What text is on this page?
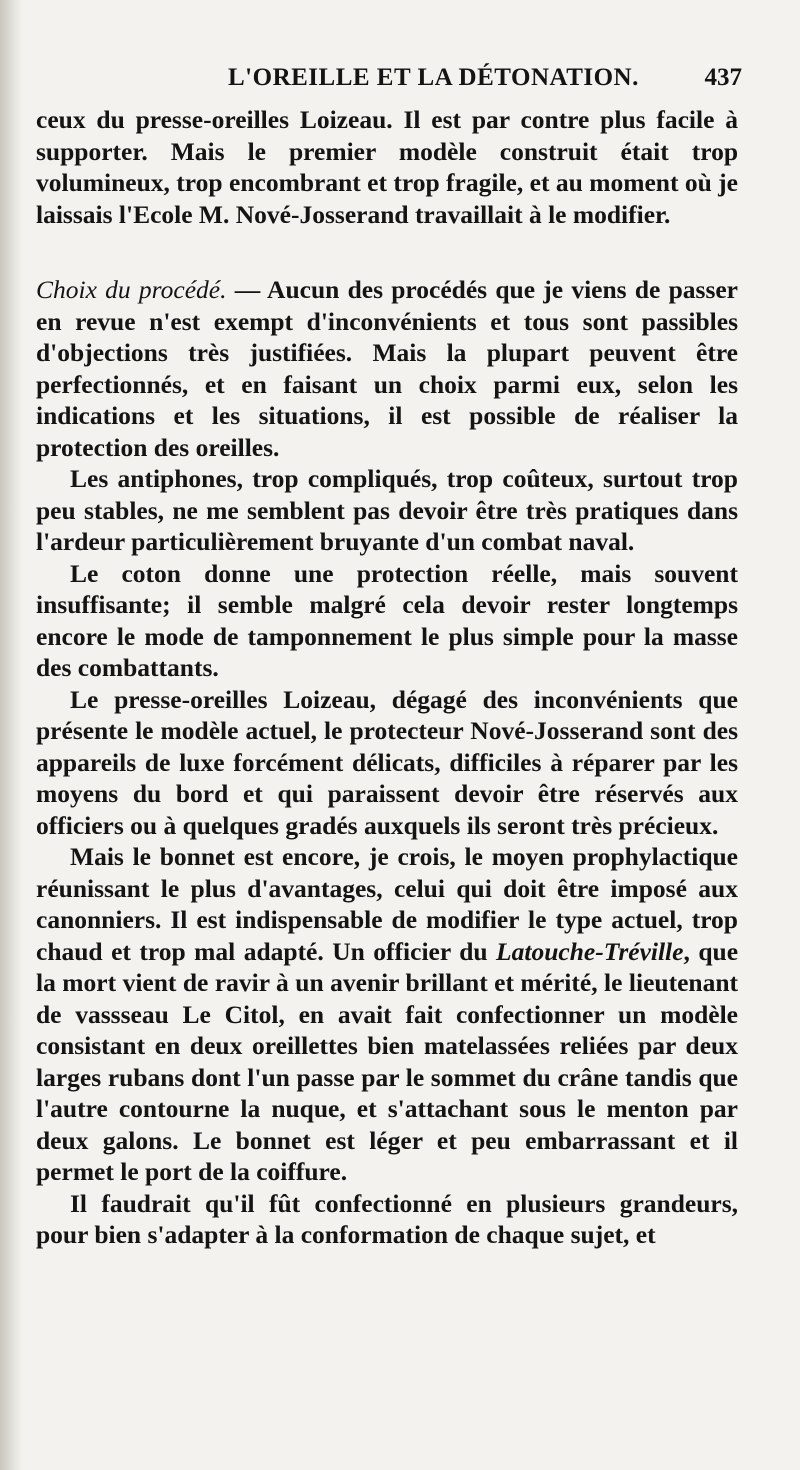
L'OREILLE ET LA DÉTONATION.	437

ceux du presse-oreilles Loizeau. Il est par contre plus facile à supporter. Mais le premier modèle construit était trop volumineux, trop encombrant et trop fragile, et au moment où je laissais l'Ecole M. Nové-Josserand travaillait à le modifier.

Choix du procédé. — Aucun des procédés que je viens de passer en revue n'est exempt d'inconvénients et tous sont passibles d'objections très justifiées. Mais la plupart peuvent être perfectionnés, et en faisant un choix parmi eux, selon les indications et les situations, il est possible de réaliser la protection des oreilles.

Les antiphones, trop compliqués, trop coûteux, surtout trop peu stables, ne me semblent pas devoir être très pratiques dans l'ardeur particulièrement bruyante d'un combat naval.

Le coton donne une protection réelle, mais souvent insuffisante; il semble malgré cela devoir rester longtemps encore le mode de tamponnement le plus simple pour la masse des combattants.

Le presse-oreilles Loizeau, dégagé des inconvénients que présente le modèle actuel, le protecteur Nové-Josserand sont des appareils de luxe forcément délicats, difficiles à réparer par les moyens du bord et qui paraissent devoir être réservés aux officiers ou à quelques gradés auxquels ils seront très précieux.

Mais le bonnet est encore, je crois, le moyen prophylactique réunissant le plus d'avantages, celui qui doit être imposé aux canonniers. Il est indispensable de modifier le type actuel, trop chaud et trop mal adapté. Un officier du Latouche-Tréville, que la mort vient de ravir à un avenir brillant et mérité, le lieutenant de vassseau Le Citol, en avait fait confectionner un modèle consistant en deux oreillettes bien matelassées reliées par deux larges rubans dont l'un passe par le sommet du crâne tandis que l'autre contourne la nuque, et s'attachant sous le menton par deux galons. Le bonnet est léger et peu embarrassant et il permet le port de la coiffure.

Il faudrait qu'il fût confectionné en plusieurs grandeurs, pour bien s'adapter à la conformation de chaque sujet, et
